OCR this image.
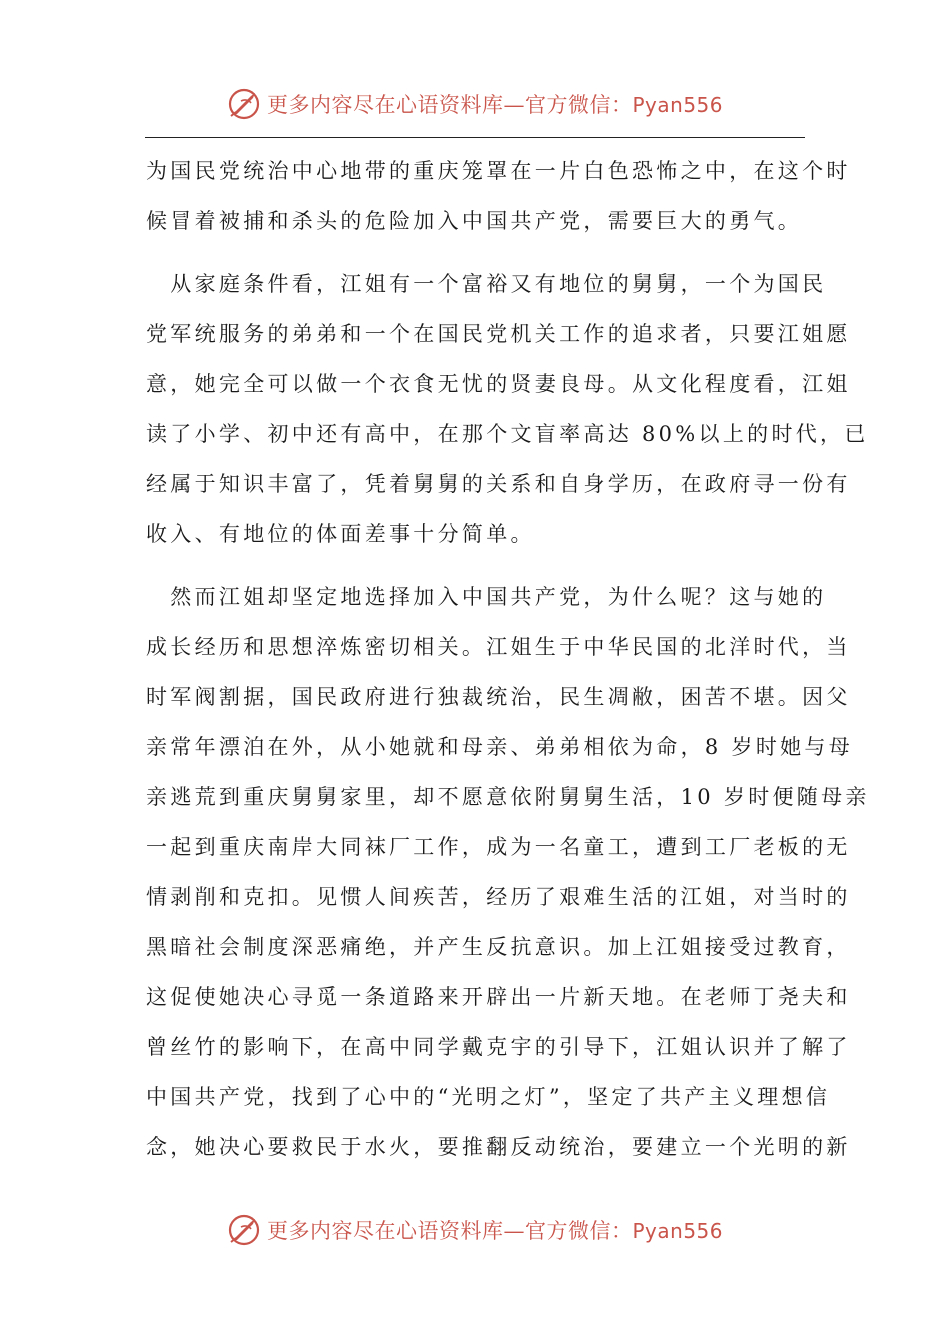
更多内容尽在心语资料库—官方微信：Pyan556
为国民党统治中心地带的重庆笼罩在一片白色恐怖之中，在这个时
候冒着被捕和杀头的危险加入中国共产党，需要巨大的勇气。
　从家庭条件看，江姐有一个富裕又有地位的舅舅，一个为国民
党军统服务的弟弟和一个在国民党机关工作的追求者，只要江姐愿
意，她完全可以做一个衣食无忧的贤妻良母。从文化程度看，江姐
读了小学、初中还有高中，在那个文盲率高达 80%以上的时代，已
经属于知识丰富了，凭着舅舅的关系和自身学历，在政府寻一份有
收入、有地位的体面差事十分简单。
　然而江姐却坚定地选择加入中国共产党，为什么呢？这与她的
成长经历和思想淬炼密切相关。江姐生于中华民国的北洋时代，当
时军阀割据，国民政府进行独裁统治，民生凋敝，困苦不堪。因父
亲常年漂泊在外，从小她就和母亲、弟弟相依为命，8 岁时她与母
亲逃荒到重庆舅舅家里，却不愿意依附舅舅生活，10 岁时便随母亲
一起到重庆南岸大同袜厂工作，成为一名童工，遭到工厂老板的无
情剥削和克扣。见惯人间疾苦，经历了艰难生活的江姐，对当时的
黑暗社会制度深恶痛绝，并产生反抗意识。加上江姐接受过教育，
这促使她决心寻觅一条道路来开辟出一片新天地。在老师丁尧夫和
曾丝竹的影响下，在高中同学戴克宇的引导下，江姐认识并了解了
中国共产党，找到了心中的“光明之灯”，坚定了共产主义理想信
念，她决心要救民于水火，要推翻反动统治，要建立一个光明的新
更多内容尽在心语资料库—官方微信：Pyan556
